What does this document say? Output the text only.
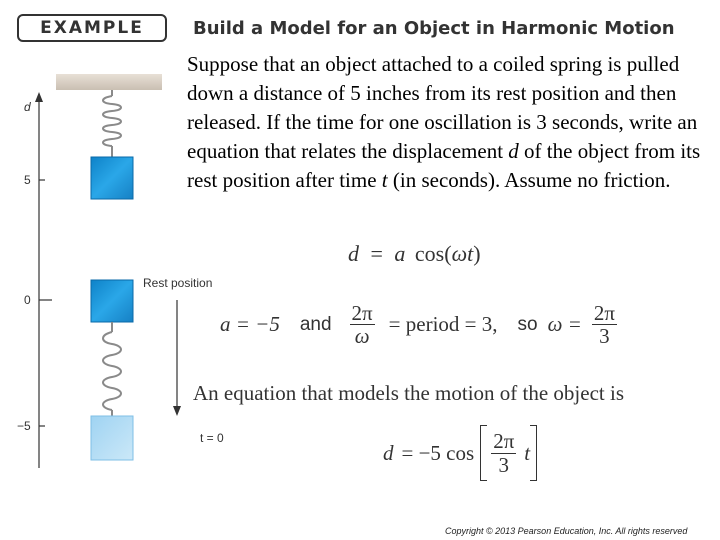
EXAMPLE	Build a Model for an Object in Harmonic Motion
Suppose that an object attached to a coiled spring is pulled down a distance of 5 inches from its rest position and then released. If the time for one oscillation is 3 seconds, write an equation that relates the displacement d of the object from its rest position after time t (in seconds). Assume no friction.
d
5
0
−5
Rest position
t = 0
d = a cos(ωt)
a = −5 and $\frac{2\pi}{\omega}$ = period = 3, so $\omega = \frac{2\pi}{3}$
An equation that models the motion of the object is
d = −5 $\cos \frac{2\pi}{3}$ t
Copyright © 2013 Pearson Education, Inc. All rights reserved
